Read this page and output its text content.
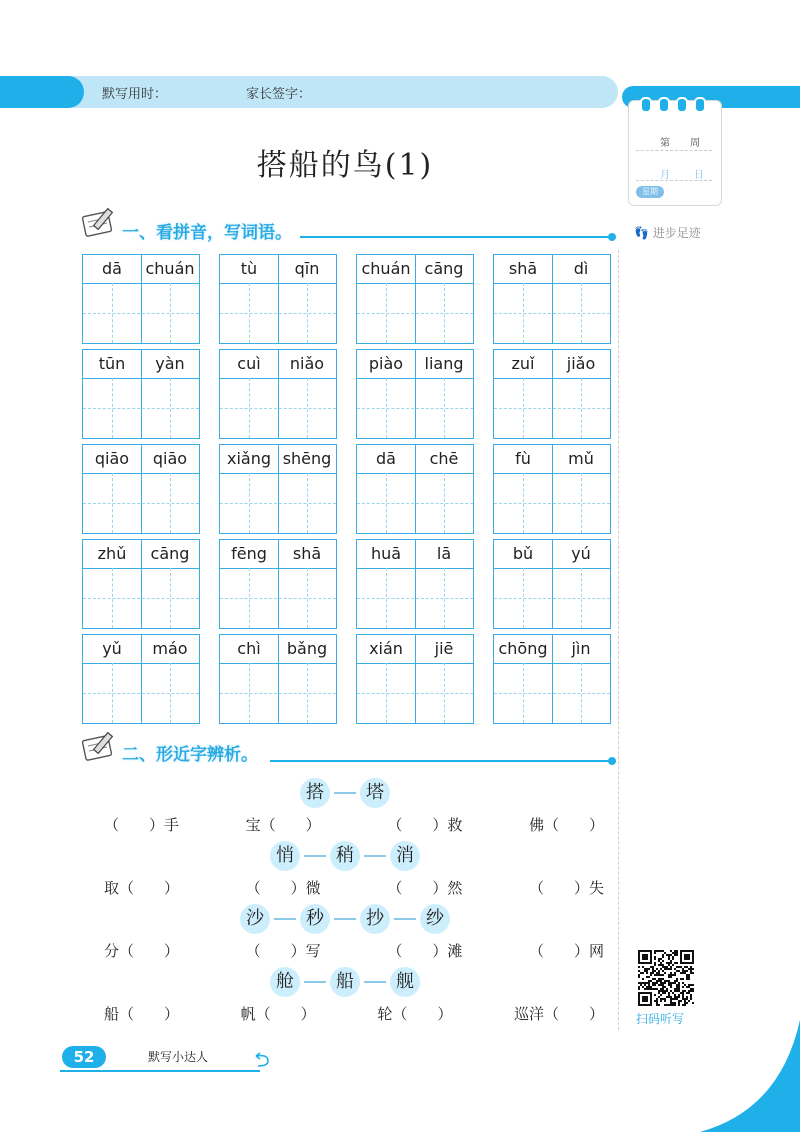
默写用时：	家长签字：
第 周
月 日
星期
👣 进步足迹
搭船的鸟(1)
一、看拼音，写词语。
dā	chuán	tù	qīn	chuán cāng	shā	dì
tūn	yàn	cuì	niǎo	piào	liang	zuǐ	jiǎo
qiāo	qiāo	xiǎng shēng	dā	chē	fù	mǔ
zhǔ	cāng	fēng	shā	huā	lā	bǔ	yú
yǔ	máo	chì	bǎng	xián	jiē	chōng	jìn
二、形近字辨析。
搭 塔
（　　）手	宝（　　）	（　　）救	佛（　　）
悄 稍 消
取（　　）	（　　）微	（　　）然	（　　）失
沙 秒 抄 纱
分（　　）	（　　）写	（　　）滩	（　　）网
舱 船 舰
船（　　）	帆（　　）	轮（　　）	巡洋（　　）	扫码听写
52	默写小达人
